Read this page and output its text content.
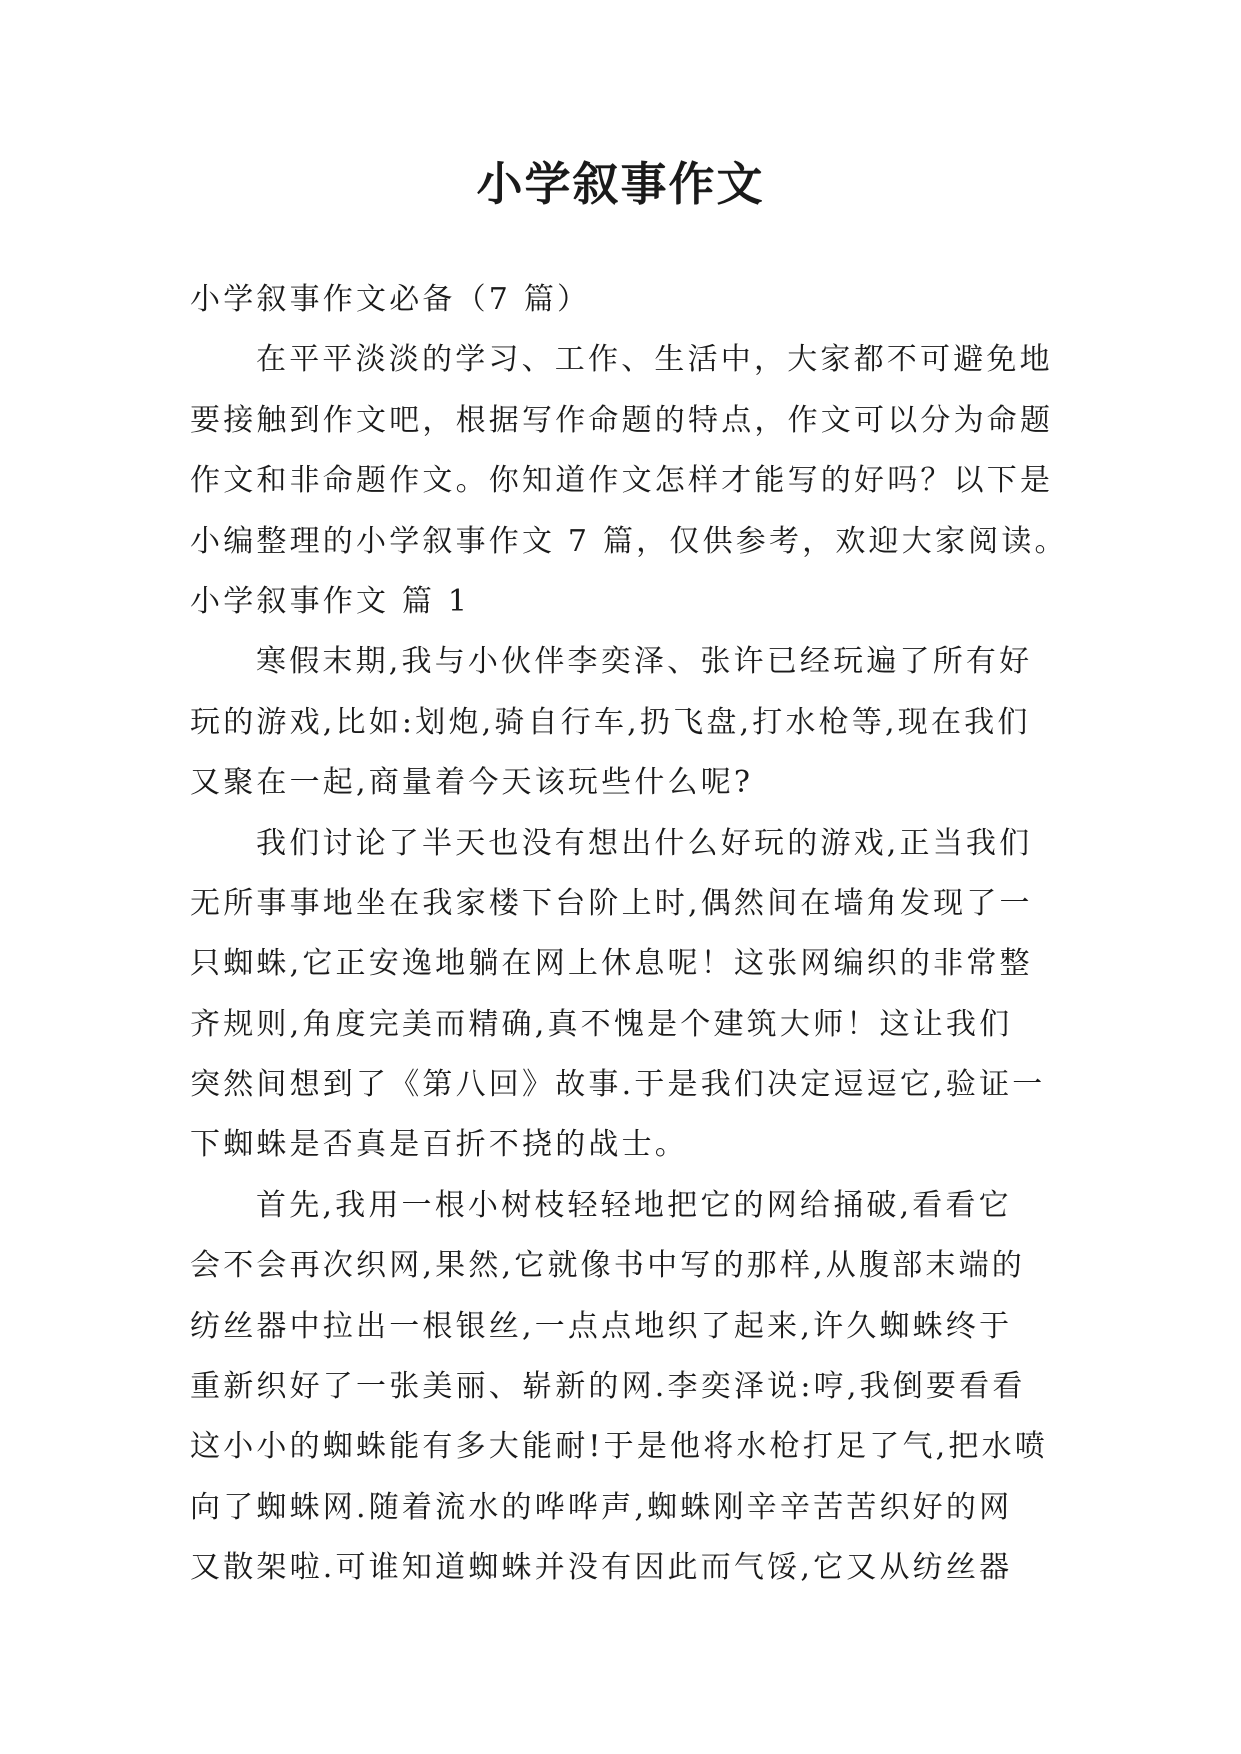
小学叙事作文
小学叙事作文必备（7 篇）
在平平淡淡的学习、工作、生活中，大家都不可避免地
要接触到作文吧，根据写作命题的特点，作文可以分为命题
作文和非命题作文。你知道作文怎样才能写的好吗？以下是
小编整理的小学叙事作文 7 篇，仅供参考，欢迎大家阅读。
小学叙事作文 篇 1
寒假末期,我与小伙伴李奕泽、张许已经玩遍了所有好
玩的游戏,比如:划炮,骑自行车,扔飞盘,打水枪等,现在我们
又聚在一起,商量着今天该玩些什么呢?
我们讨论了半天也没有想出什么好玩的游戏,正当我们
无所事事地坐在我家楼下台阶上时,偶然间在墙角发现了一
只蜘蛛,它正安逸地躺在网上休息呢！这张网编织的非常整
齐规则,角度完美而精确,真不愧是个建筑大师！这让我们
突然间想到了《第八回》故事.于是我们决定逗逗它,验证一
下蜘蛛是否真是百折不挠的战士。
首先,我用一根小树枝轻轻地把它的网给捅破,看看它
会不会再次织网,果然,它就像书中写的那样,从腹部末端的
纺丝器中拉出一根银丝,一点点地织了起来,许久蜘蛛终于
重新织好了一张美丽、崭新的网.李奕泽说:哼,我倒要看看
这小小的蜘蛛能有多大能耐!于是他将水枪打足了气,把水喷
向了蜘蛛网.随着流水的哗哗声,蜘蛛刚辛辛苦苦织好的网
又散架啦.可谁知道蜘蛛并没有因此而气馁,它又从纺丝器
